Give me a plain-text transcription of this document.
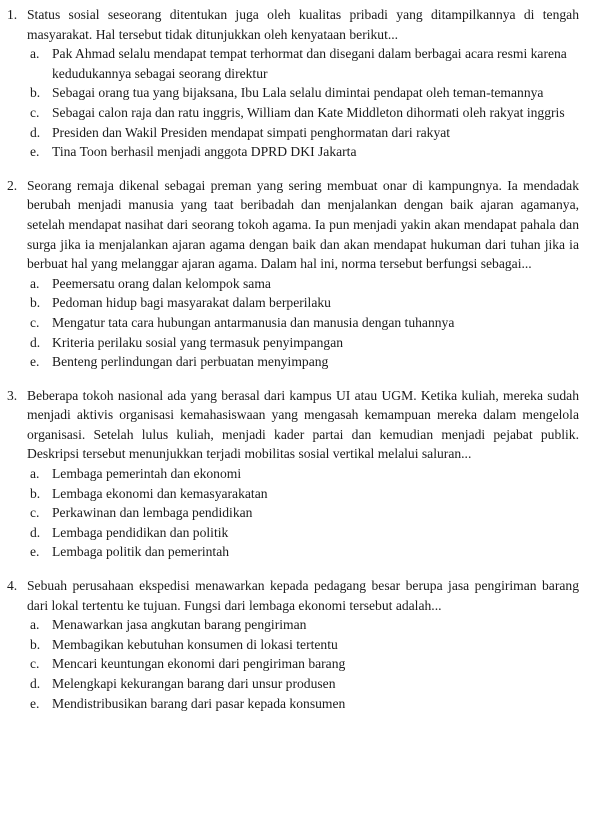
1. Status sosial seseorang ditentukan juga oleh kualitas pribadi yang ditampilkannya di tengah masyarakat. Hal tersebut tidak ditunjukkan oleh kenyataan berikut...
a. Pak Ahmad selalu mendapat tempat terhormat dan disegani dalam berbagai acara resmi karena kedudukannya sebagai seorang direktur
b. Sebagai orang tua yang bijaksana, Ibu Lala selalu dimintai pendapat oleh teman-temannya
c. Sebagai calon raja dan ratu inggris, William dan Kate Middleton dihormati oleh rakyat inggris
d. Presiden dan Wakil Presiden mendapat simpati penghormatan dari rakyat
e. Tina Toon berhasil menjadi anggota DPRD DKI Jakarta
2. Seorang remaja dikenal sebagai preman yang sering membuat onar di kampungnya. Ia mendadak berubah menjadi manusia yang taat beribadah dan menjalankan dengan baik ajaran agamanya, setelah mendapat nasihat dari seorang tokoh agama. Ia pun menjadi yakin akan mendapat pahala dan surga jika ia menjalankan ajaran agama dengan baik dan akan mendapat hukuman dari tuhan jika ia berbuat hal yang melanggar ajaran agama. Dalam hal ini, norma tersebut berfungsi sebagai...
a. Peemersatu orang dalan kelompok sama
b. Pedoman hidup bagi masyarakat dalam berperilaku
c. Mengatur tata cara hubungan antarmanusia dan manusia dengan tuhannya
d. Kriteria perilaku sosial yang termasuk penyimpangan
e. Benteng perlindungan dari perbuatan menyimpang
3. Beberapa tokoh nasional ada yang berasal dari kampus UI atau UGM. Ketika kuliah, mereka sudah menjadi aktivis organisasi kemahasiswaan yang mengasah kemampuan mereka dalam mengelola organisasi. Setelah lulus kuliah, menjadi kader partai dan kemudian menjadi pejabat publik. Deskripsi tersebut menunjukkan terjadi mobilitas sosial vertikal melalui saluran...
a. Lembaga pemerintah dan ekonomi
b. Lembaga ekonomi dan kemasyarakatan
c. Perkawinan dan lembaga pendidikan
d. Lembaga pendidikan dan politik
e. Lembaga politik dan pemerintah
4. Sebuah perusahaan ekspedisi menawarkan kepada pedagang besar berupa jasa pengiriman barang dari lokal tertentu ke tujuan. Fungsi dari lembaga ekonomi tersebut adalah...
a. Menawarkan jasa angkutan barang pengiriman
b. Membagikan kebutuhan konsumen di lokasi tertentu
c. Mencari keuntungan ekonomi dari pengiriman barang
d. Melengkapi kekurangan barang dari unsur produsen
e. Mendistribusikan barang dari pasar kepada konsumen
